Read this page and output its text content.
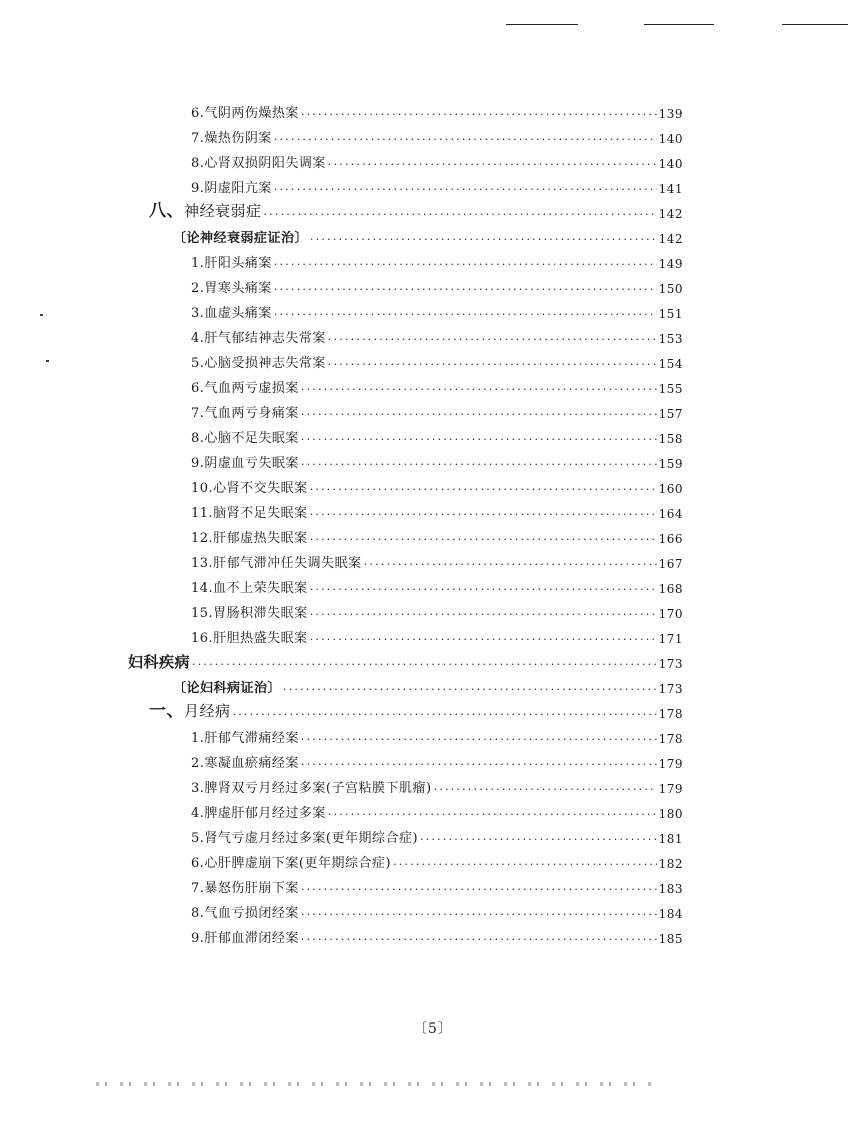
6.气阴两伤燥热案 ·····	139
7.燥热伤阴案 ·····	140
8.心肾双损阴阳失调案 ·····	140
9.阴虚阳亢案 ·····	141
八、神经衰弱症 ·····	142
〔论神经衰弱症证治〕 ·····	142
1.肝阳头痛案 ·····	149
2.胃寒头痛案 ·····	150
3.血虚头痛案 ·····	151
4.肝气郁结神志失常案 ·····	153
5.心脑受损神志失常案 ·····	154
6.气血两亏虚损案 ·····	155
7.气血两亏身痛案 ·····	157
8.心脑不足失眠案 ·····	158
9.阴虚血亏失眠案 ·····	159
10.心肾不交失眠案 ·····	160
11.脑肾不足失眠案 ·····	164
12.肝郁虚热失眠案 ·····	166
13.肝郁气滞冲任失调失眠案 ·····	167
14.血不上荣失眠案 ·····	168
15.胃肠积滞失眠案 ·····	170
16.肝胆热盛失眠案 ·····	171
妇科疾病 ·····	173
〔论妇科病证治〕 ·····	173
一、月经病 ·····	178
1.肝郁气滞痛经案 ·····	178
2.寒凝血瘀痛经案 ·····	179
3.脾肾双亏月经过多案(子宫粘膜下肌瘤) ·····	179
4.脾虚肝郁月经过多案 ·····	180
5.肾气亏虚月经过多案(更年期综合症) ·····	181
6.心肝脾虚崩下案(更年期综合症) ·····	182
7.暴怒伤肝崩下案 ·····	183
8.气血亏损闭经案 ·····	184
9.肝郁血滞闭经案 ·····	185
〔5〕
